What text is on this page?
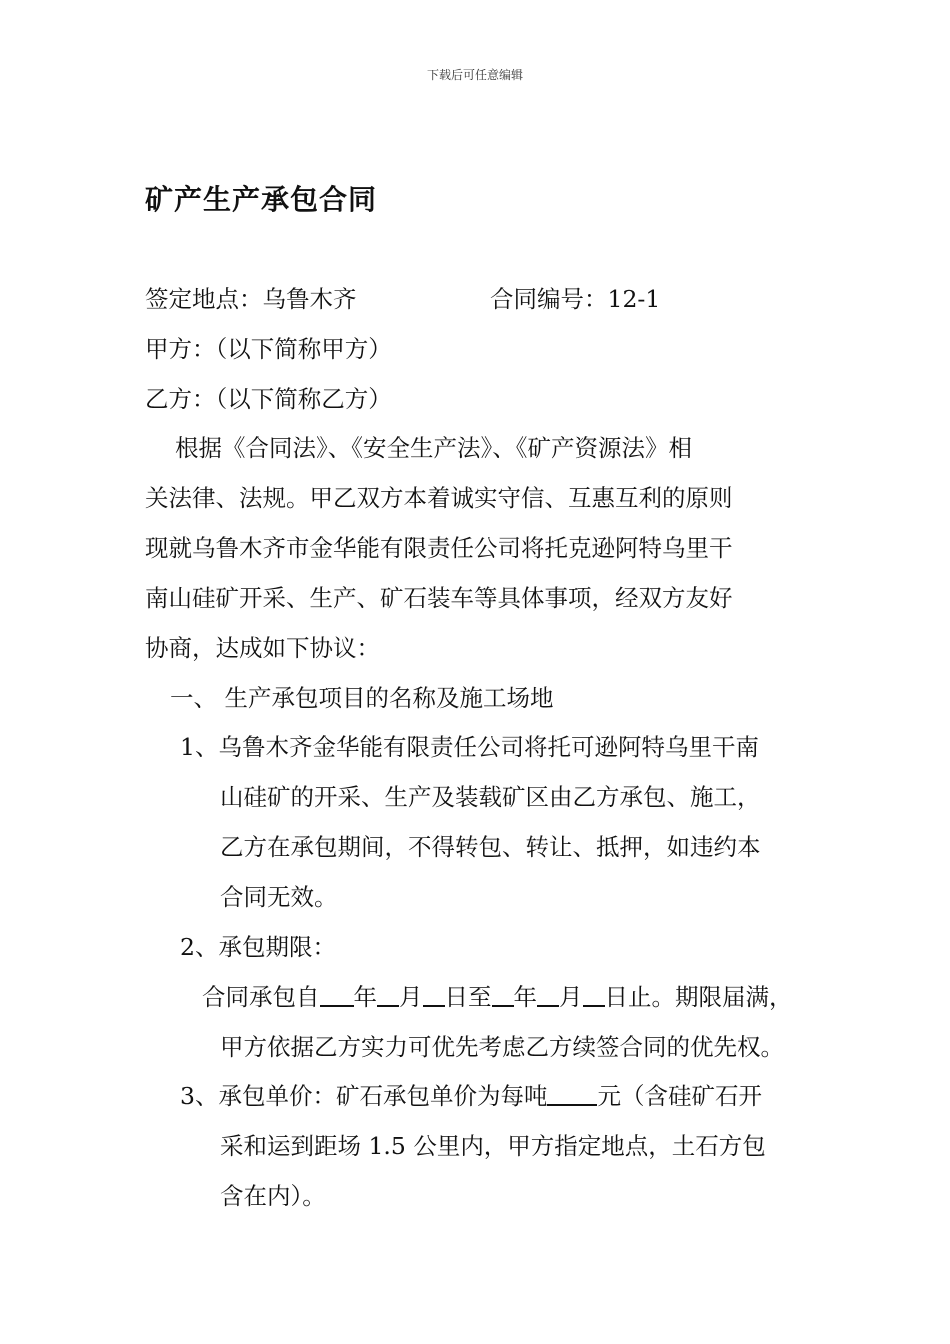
下载后可任意编辑
矿产生产承包合同

签定地点：乌鲁木齐	合同编号：12-1

甲方：（以下简称甲方）

乙方：（以下简称乙方）

根据《合同法》、《安全生产法》、《矿产资源法》相

关法律、法规。甲乙双方本着诚实守信、互惠互利的原则

现就乌鲁木齐市金华能有限责任公司将托克逊阿特乌里干

南山硅矿开采、生产、矿石装车等具体事项，经双方友好

协商，达成如下协议：

一、 生产承包项目的名称及施工场地

1、乌鲁木齐金华能有限责任公司将托可逊阿特乌里干南

山硅矿的开采、生产及装载矿区由乙方承包、施工，

乙方在承包期间，不得转包、转让、抵押，如违约本

合同无效。

2、承包期限：

合同承包自 年 月 日至 年 月 日止。期限届满，

甲方依据乙方实力可优先考虑乙方续签合同的优先权。

3、承包单价：矿石承包单价为每吨 元（含硅矿石开

采和运到距场 1.5 公里内，甲方指定地点，土石方包

含在内）。
